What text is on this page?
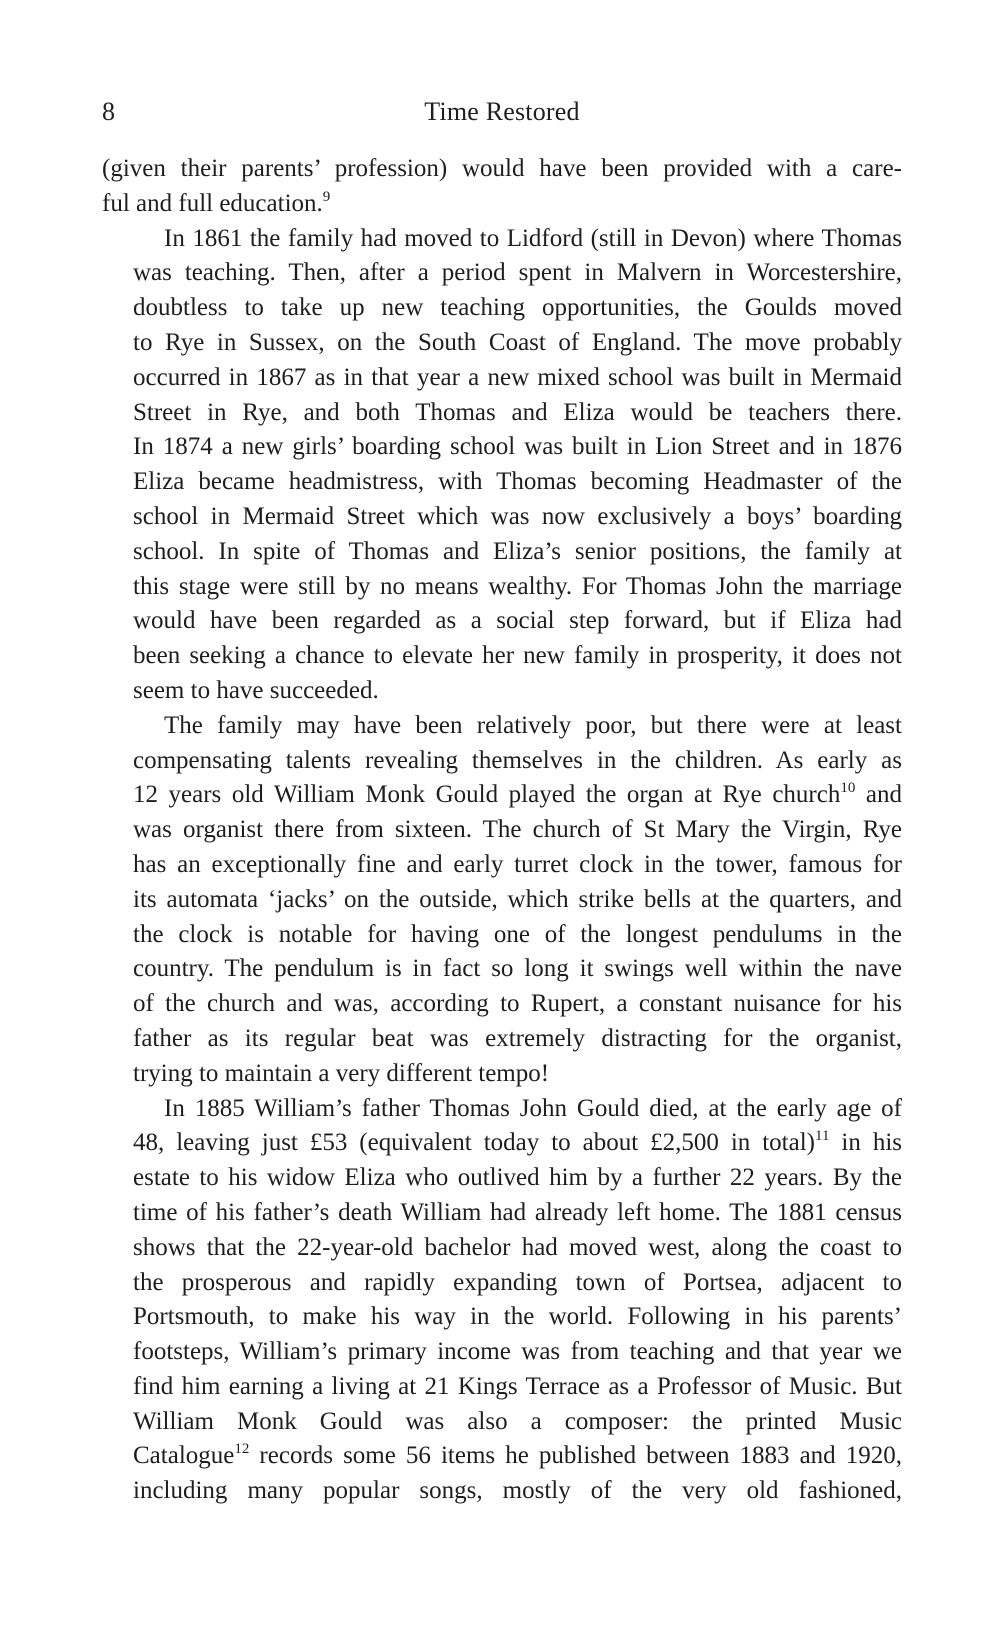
8	Time Restored

(given their parents’ profession) would have been provided with a care-
ful and full education.$^9$

In 1861 the family had moved to Lidford (still in Devon) where Thomas
was teaching. Then, after a period spent in Malvern in Worcestershire,
doubtless to take up new teaching opportunities, the Goulds moved
to Rye in Sussex, on the South Coast of England. The move probably
occurred in 1867 as in that year a new mixed school was built in Mermaid
Street in Rye, and both Thomas and Eliza would be teachers there.
In 1874 a new girls’ boarding school was built in Lion Street and in 1876
Eliza became headmistress, with Thomas becoming Headmaster of the
school in Mermaid Street which was now exclusively a boys’ boarding
school. In spite of Thomas and Eliza’s senior positions, the family at
this stage were still by no means wealthy. For Thomas John the marriage
would have been regarded as a social step forward, but if Eliza had
been seeking a chance to elevate her new family in prosperity, it does not
seem to have succeeded.

The family may have been relatively poor, but there were at least
compensating talents revealing themselves in the children. As early as
12 years old William Monk Gould played the organ at Rye church$^{10}$ and
was organist there from sixteen. The church of St Mary the Virgin, Rye
has an exceptionally fine and early turret clock in the tower, famous for
its automata ‘jacks’ on the outside, which strike bells at the quarters, and
the clock is notable for having one of the longest pendulums in the
country. The pendulum is in fact so long it swings well within the nave
of the church and was, according to Rupert, a constant nuisance for his
father as its regular beat was extremely distracting for the organist,
trying to maintain a very different tempo!

In 1885 William’s father Thomas John Gould died, at the early age of
48, leaving just £53 (equivalent today to about £2,500 in total)$^{11}$ in his
estate to his widow Eliza who outlived him by a further 22 years. By the
time of his father’s death William had already left home. The 1881 census
shows that the 22-year-old bachelor had moved west, along the coast to
the prosperous and rapidly expanding town of Portsea, adjacent to
Portsmouth, to make his way in the world. Following in his parents’
footsteps, William’s primary income was from teaching and that year we
find him earning a living at 21 Kings Terrace as a Professor of Music. But
William Monk Gould was also a composer: the printed Music
Catalogue$^{12}$ records some 56 items he published between 1883 and 1920,
including many popular songs, mostly of the very old fashioned,
